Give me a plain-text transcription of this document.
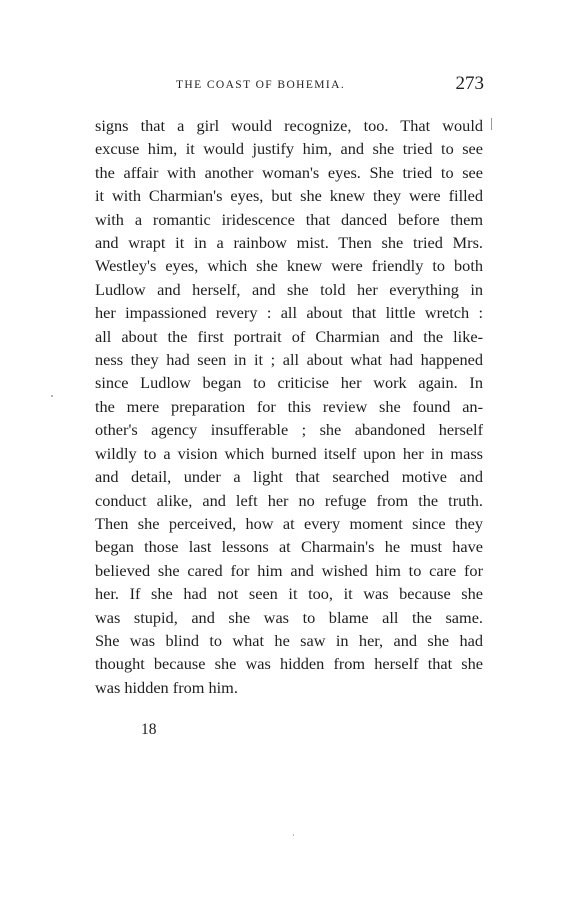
THE COAST OF BOHEMIA.	273
signs that a girl would recognize, too. That would
excuse him, it would justify him, and she tried to see
the affair with another woman's eyes. She tried to see
it with Charmian's eyes, but she knew they were filled
with a romantic iridescence that danced before them
and wrapt it in a rainbow mist. Then she tried Mrs.
Westley's eyes, which she knew were friendly to both
Ludlow and herself, and she told her everything in
her impassioned revery : all about that little wretch :
all about the first portrait of Charmian and the like-
ness they had seen in it ; all about what had happened
since Ludlow began to criticise her work again. In
the mere preparation for this review she found an-
other's agency insufferable ; she abandoned herself
wildly to a vision which burned itself upon her in mass
and detail, under a light that searched motive and
conduct alike, and left her no refuge from the truth.
Then she perceived, how at every moment since they
began those last lessons at Charmain's he must have
believed she cared for him and wished him to care for
her. If she had not seen it too, it was because she
was stupid, and she was to blame all the same.
She was blind to what he saw in her, and she had
thought because she was hidden from herself that she
was hidden from him.
18
